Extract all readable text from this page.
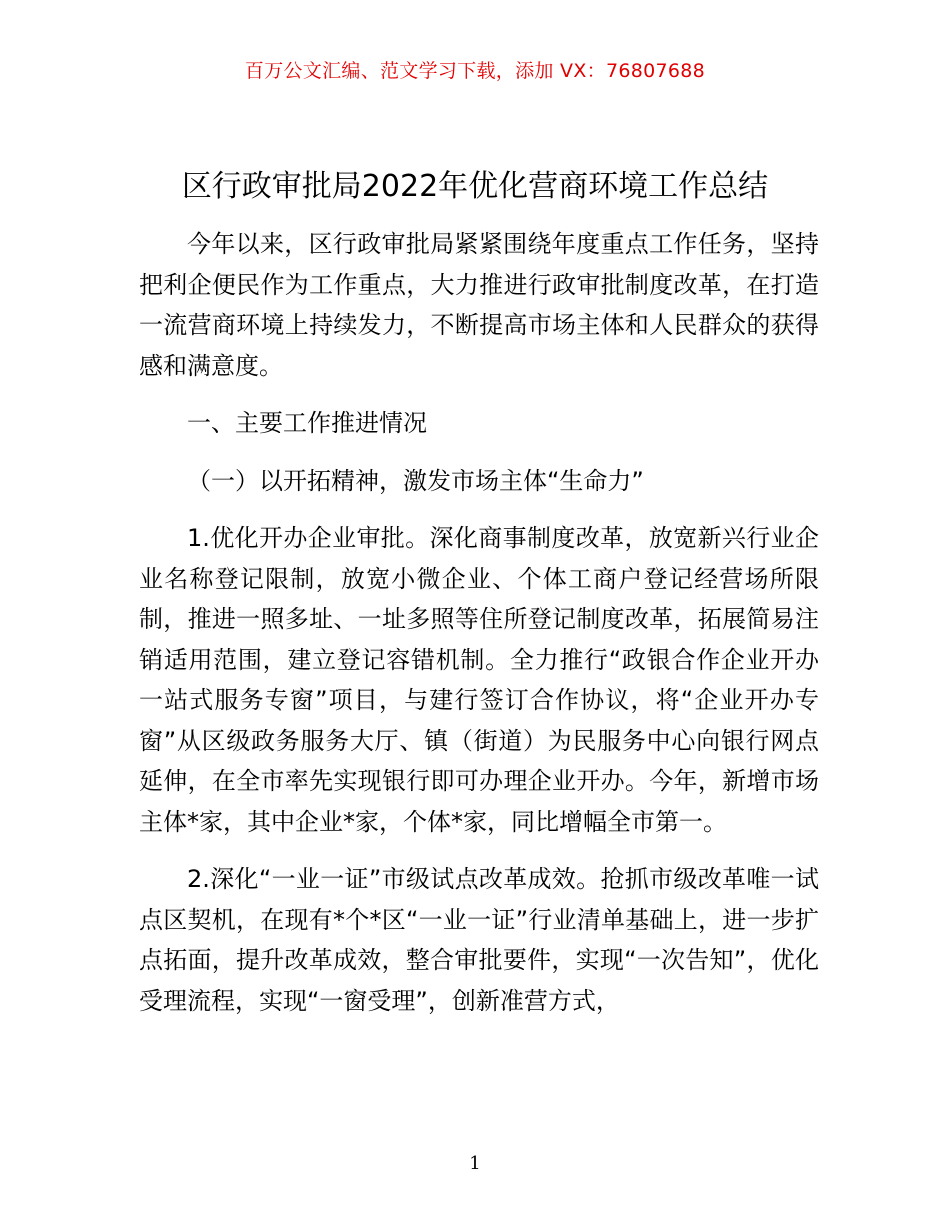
百万公文汇编、范文学习下载，添加 VX：76807688
区行政审批局2022年优化营商环境工作总结

今年以来，区行政审批局紧紧围绕年度重点工作任务，坚持把利企便民作为工作重点，大力推进行政审批制度改革，在打造一流营商环境上持续发力，不断提高市场主体和人民群众的获得感和满意度。

一、主要工作推进情况

（一）以开拓精神，激发市场主体“生命力”

1.优化开办企业审批。深化商事制度改革，放宽新兴行业企业名称登记限制，放宽小微企业、个体工商户登记经营场所限制，推进一照多址、一址多照等住所登记制度改革，拓展简易注销适用范围，建立登记容错机制。全力推行“政银合作企业开办一站式服务专窗”项目，与建行签订合作协议，将“企业开办专窗”从区级政务服务大厅、镇（街道）为民服务中心向银行网点延伸，在全市率先实现银行即可办理企业开办。今年，新增市场主体*家，其中企业*家，个体*家，同比增幅全市第一。

2.深化“一业一证”市级试点改革成效。抢抓市级改革唯一试点区契机，在现有*个*区“一业一证”行业清单基础上，进一步扩点拓面，提升改革成效，整合审批要件，实现“一次告知”，优化受理流程，实现“一窗受理”，创新准营方式，

1
